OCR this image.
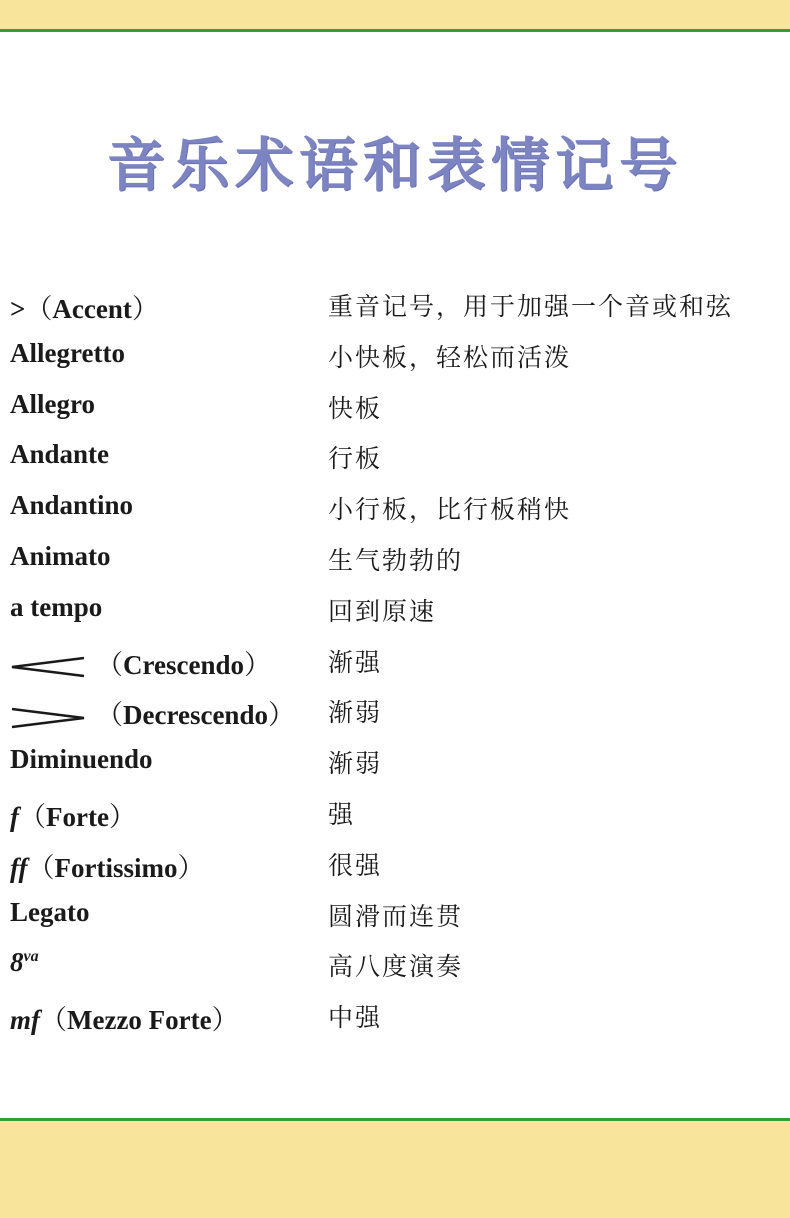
音乐术语和表情记号
>（Accent）	重音记号，用于加强一个音或和弦
Allegretto	小快板，轻松而活泼
Allegro	快板
Andante	行板
Andantino	小行板，比行板稍快
Animato	生气勃勃的
a tempo	回到原速
（Crescendo） 渐强
（Decrescendo） 渐弱
Diminuendo	渐弱
f（Forte）	强
ff（Fortissimo）	很强
Legato	圆滑而连贯
$8^{va}$	高八度演奏
mf（Mezzo Forte）	中强
